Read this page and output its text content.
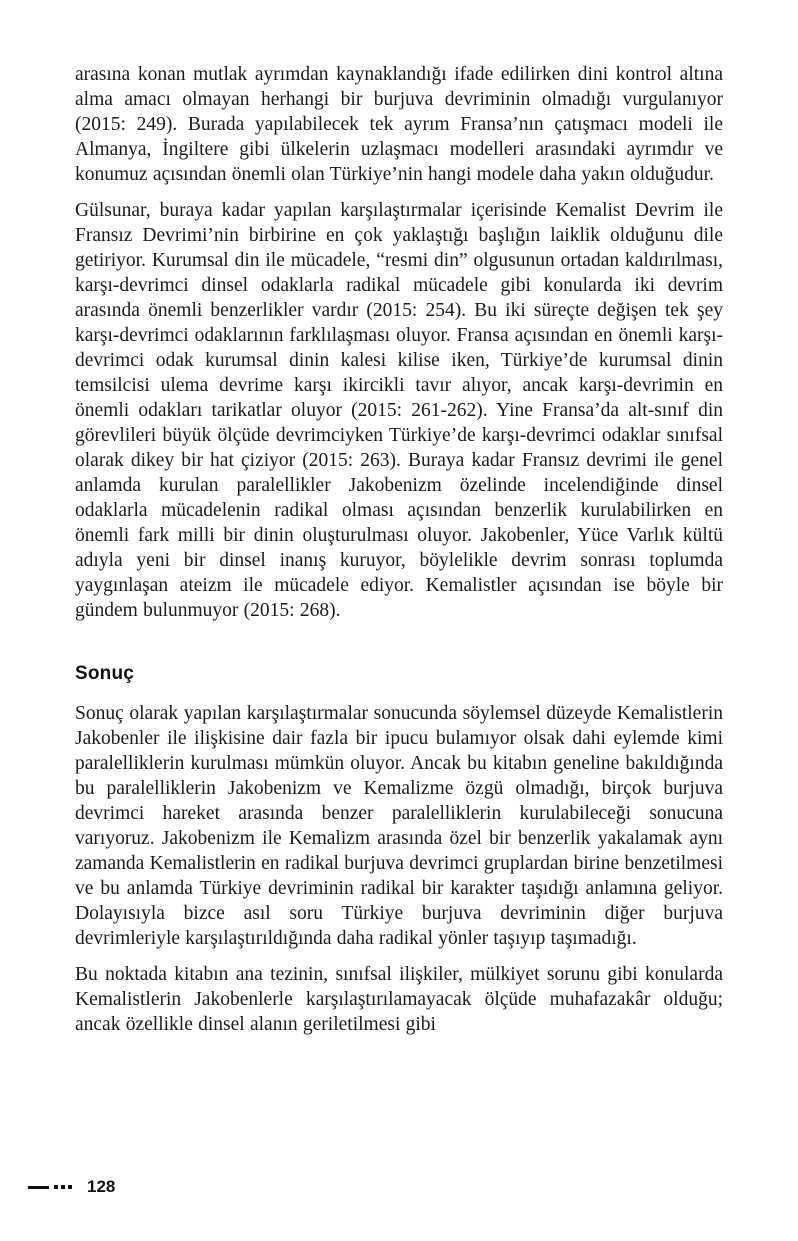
arasına konan mutlak ayrımdan kaynaklandığı ifade edilirken dini kontrol altına alma amacı olmayan herhangi bir burjuva devriminin olmadığı vurgulanıyor (2015: 249). Burada yapılabilecek tek ayrım Fransa’nın çatışmacı modeli ile Almanya, İngiltere gibi ülkelerin uzlaşmacı modelleri arasındaki ayrımdır ve konumuz açısından önemli olan Türkiye’nin hangi modele daha yakın olduğudur.

Gülsunar, buraya kadar yapılan karşılaştırmalar içerisinde Kemalist Devrim ile Fransız Devrimi’nin birbirine en çok yaklaştığı başlığın laiklik olduğunu dile getiriyor. Kurumsal din ile mücadele, “resmi din” olgusunun ortadan kaldırılması, karşı-devrimci dinsel odaklarla radikal mücadele gibi konularda iki devrim arasında önemli benzerlikler vardır (2015: 254). Bu iki süreçte değişen tek şey karşı-devrimci odaklarının farklılaşması oluyor. Fransa açısından en önemli karşı-devrimci odak kurumsal dinin kalesi kilise iken, Türkiye’de kurumsal dinin temsilcisi ulema devrime karşı ikircikli tavır alıyor, ancak karşı-devrimin en önemli odakları tarikatlar oluyor (2015: 261-262). Yine Fransa’da alt-sınıf din görevlileri büyük ölçüde devrimciyken Türkiye’de karşı-devrimci odaklar sınıfsal olarak dikey bir hat çiziyor (2015: 263). Buraya kadar Fransız devrimi ile genel anlamda kurulan paralellikler Jakobenizm özelinde incelendiğinde dinsel odaklarla mücadelenin radikal olması açısından benzerlik kurulabilirken en önemli fark milli bir dinin oluşturulması oluyor. Jakobenler, Yüce Varlık kültü adıyla yeni bir dinsel inanış kuruyor, böylelikle devrim sonrası toplumda yaygınlaşan ateizm ile mücadele ediyor. Kemalistler açısından ise böyle bir gündem bulunmuyor (2015: 268).

Sonuç

Sonuç olarak yapılan karşılaştırmalar sonucunda söylemsel düzeyde Kemalistlerin Jakobenler ile ilişkisine dair fazla bir ipucu bulamıyor olsak dahi eylemde kimi paralelliklerin kurulması mümkün oluyor. Ancak bu kitabın geneline bakıldığında bu paralelliklerin Jakobenizm ve Kemalizme özgü olmadığı, birçok burjuva devrimci hareket arasında benzer paralelliklerin kurulabileceği sonucuna varıyoruz. Jakobenizm ile Kemalizm arasında özel bir benzerlik yakalamak aynı zamanda Kemalistlerin en radikal burjuva devrimci gruplardan birine benzetilmesi ve bu anlamda Türkiye devriminin radikal bir karakter taşıdığı anlamına geliyor. Dolayısıyla bizce asıl soru Türkiye burjuva devriminin diğer burjuva devrimleriyle karşılaştırıldığında daha radikal yönler taşıyıp taşımadığı.

Bu noktada kitabın ana tezinin, sınıfsal ilişkiler, mülkiyet sorunu gibi konularda Kemalistlerin Jakobenlerle karşılaştırılamayacak ölçüde muhafazakâr olduğu; ancak özellikle dinsel alanın geriletilmesi gibi

128
